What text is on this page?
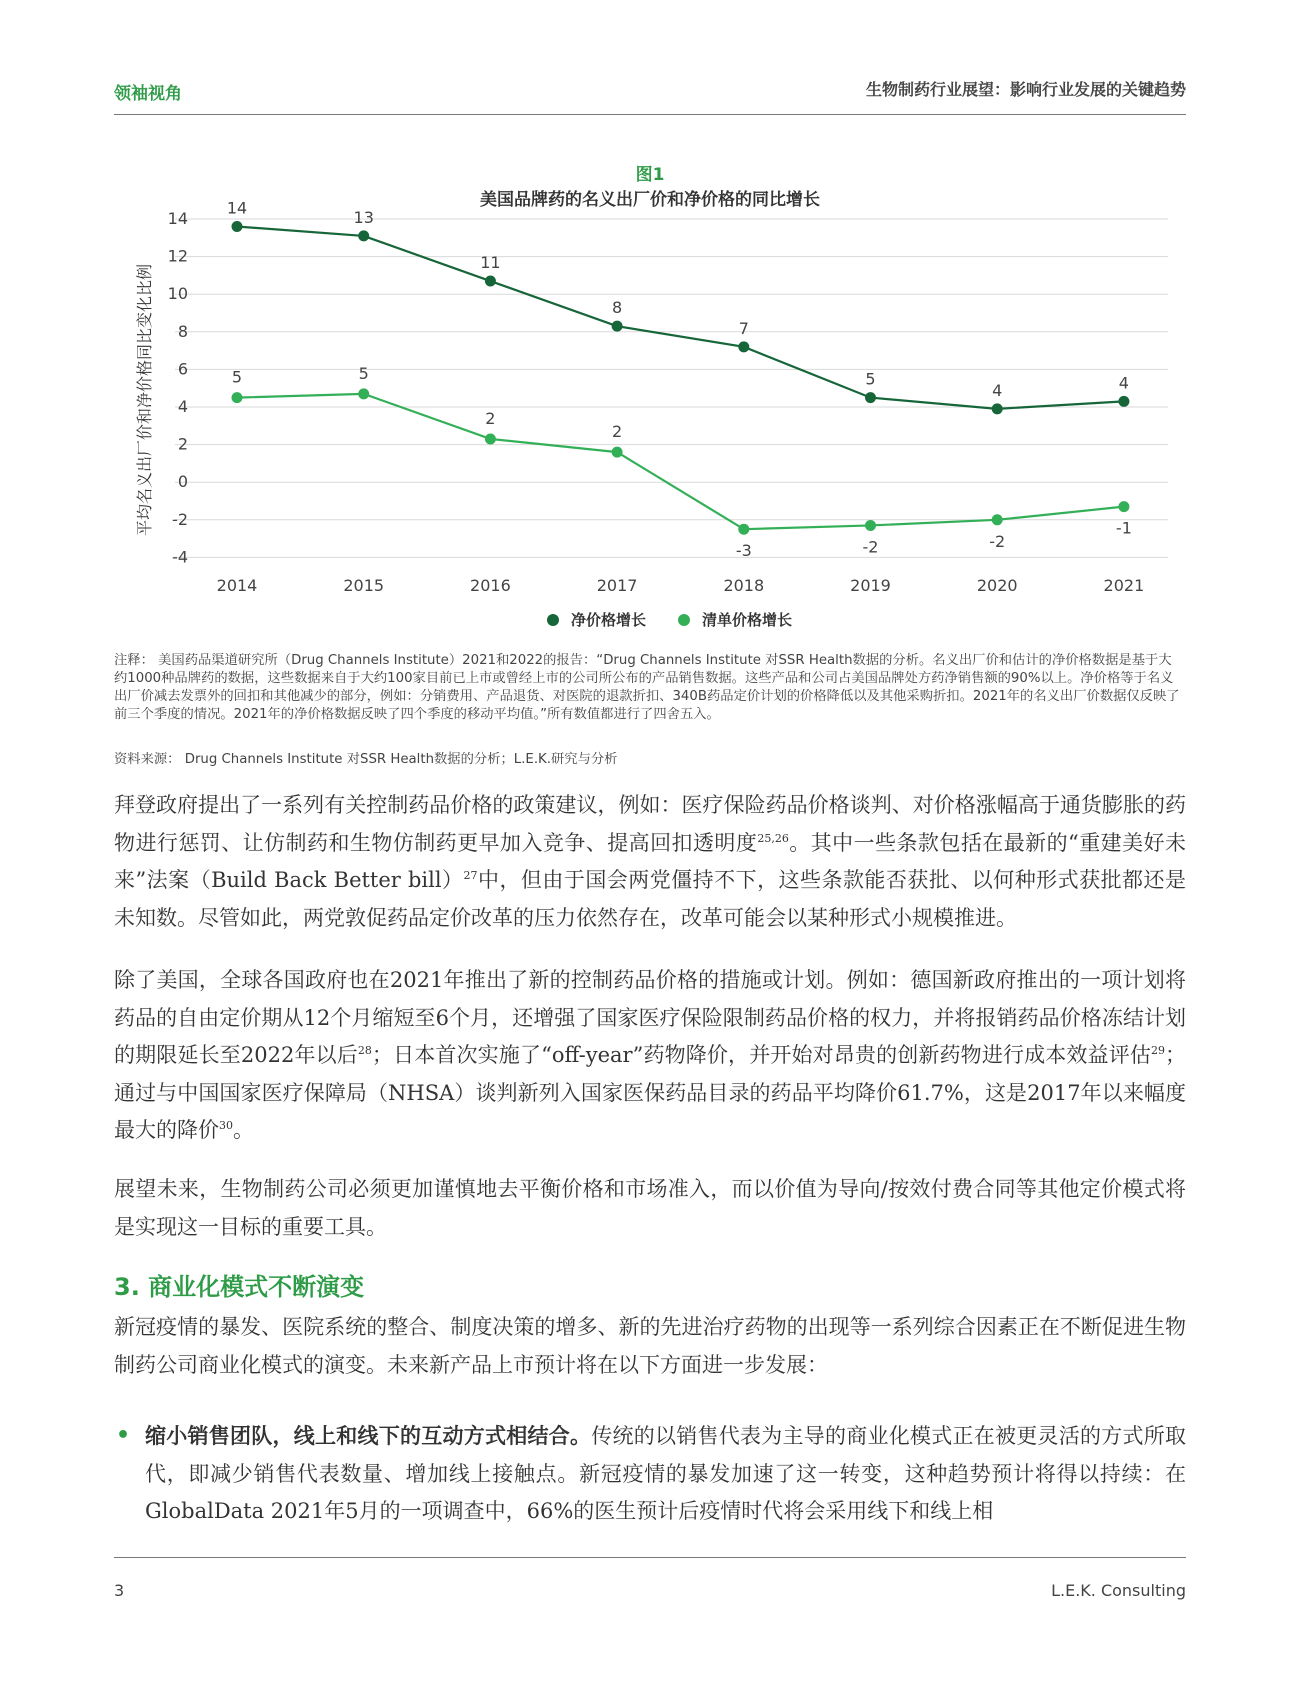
领袖视角	生物制药行业展望：影响行业发展的关键趋势
图1
美国品牌药的名义出厂价和净价格的同比增长
14
12
10
8
6
4
2
0
-2
-4
平均名义出厂价和净价格同比变化比例
2014	2015	2016	2017	2018	2019	2020	2021
14	13
11
8
7
5
4	4
5	5
2
2
-3	-2	-2
-1
净价格增长	清单价格增长
注释： 美国药品渠道研究所（Drug Channels Institute）2021和2022的报告：“Drug Channels Institute 对SSR Health数据的分析。名义出厂价和估计的净价格数据是基于大约1000种品牌药的数据，这些数据来自于大约100家目前已上市或曾经上市的公司所公布的产品销售数据。这些产品和公司占美国品牌处方药净销售额的90%以上。净价格等于名义出厂价减去发票外的回扣和其他减少的部分，例如：分销费用、产品退货、对医院的退款折扣、340B药品定价计划的价格降低以及其他采购折扣。2021年的名义出厂价数据仅反映了前三个季度的情况。2021年的净价格数据反映了四个季度的移动平均值。”所有数值都进行了四舍五入。
资料来源： Drug Channels Institute 对SSR Health数据的分析；L.E.K.研究与分析
拜登政府提出了一系列有关控制药品价格的政策建议，例如：医疗保险药品价格谈判、对价格涨幅高于通货膨胀的药物进行惩罚、让仿制药和生物仿制药更早加入竞争、提高回扣透明度$^{25,26}$。其中一些条款包括在最新的“重建美好未来”法案（Build Back Better bill）$^{27}$中，但由于国会两党僵持不下，这些条款能否获批、以何种形式获批都还是未知数。尽管如此，两党敦促药品定价改革的压力依然存在，改革可能会以某种形式小规模推进。
除了美国，全球各国政府也在2021年推出了新的控制药品价格的措施或计划。例如：德国新政府推出的一项计划将药品的自由定价期从12个月缩短至6个月，还增强了国家医疗保险限制药品价格的权力，并将报销药品价格冻结计划的期限延长至2022年以后$^{28}$；日本首次实施了“off-year”药物降价，并开始对昂贵的创新药物进行成本效益评估$^{29}$；通过与中国国家医疗保障局（NHSA）谈判新列入国家医保药品目录的药品平均降价61.7%，这是2017年以来幅度最大的降价$^{30}$。
展望未来，生物制药公司必须更加谨慎地去平衡价格和市场准入，而以价值为导向/按效付费合同等其他定价模式将是实现这一目标的重要工具。
3. 商业化模式不断演变
新冠疫情的暴发、医院系统的整合、制度决策的增多、新的先进治疗药物的出现等一系列综合因素正在不断促进生物制药公司商业化模式的演变。未来新产品上市预计将在以下方面进一步发展：
• 缩小销售团队，线上和线下的互动方式相结合。传统的以销售代表为主导的商业化模式正在被更灵活的方式所取代，即减少销售代表数量、增加线上接触点。新冠疫情的暴发加速了这一转变，这种趋势预计将得以持续：在GlobalData 2021年5月的一项调查中，66%的医生预计后疫情时代将会采用线下和线上相
3	L.E.K. Consulting
